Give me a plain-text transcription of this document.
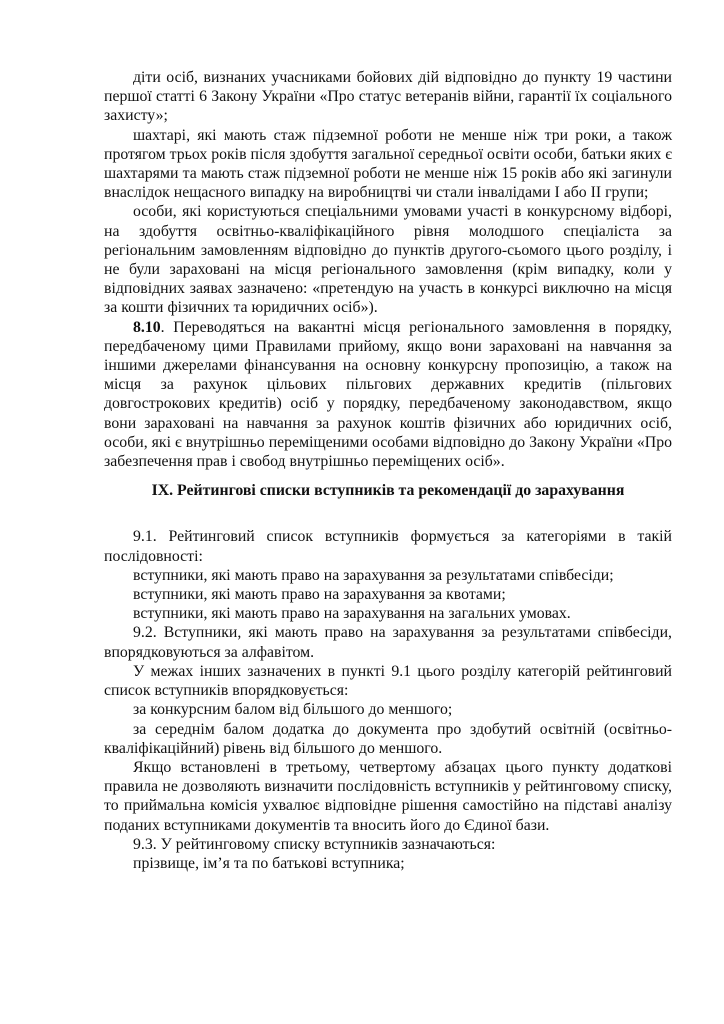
діти осіб, визнаних учасниками бойових дій відповідно до пункту 19 частини першої статті 6 Закону України «Про статус ветеранів війни, гарантії їх соціального захисту»;

шахтарі, які мають стаж підземної роботи не менше ніж три роки, а також протягом трьох років після здобуття загальної середньої освіти особи, батьки яких є шахтарями та мають стаж підземної роботи не менше ніж 15 років або які загинули внаслідок нещасного випадку на виробництві чи стали інвалідами I або II групи;

особи, які користуються спеціальними умовами участі в конкурсному відборі, на здобуття освітньо-кваліфікаційного рівня молодшого спеціаліста за регіональним замовленням відповідно до пунктів другого-сьомого цього розділу, і не були зараховані на місця регіонального замовлення (крім випадку, коли у відповідних заявах зазначено: «претендую на участь в конкурсі виключно на місця за кошти фізичних та юридичних осіб»).

8.10. Переводяться на вакантні місця регіонального замовлення в порядку, передбаченому цими Правилами прийому, якщо вони зараховані на навчання за іншими джерелами фінансування на основну конкурсну пропозицію, а також на місця за рахунок цільових пільгових державних кредитів (пільгових довгострокових кредитів) осіб у порядку, передбаченому законодавством, якщо вони зараховані на навчання за рахунок коштів фізичних або юридичних осіб, особи, які є внутрішньо переміщеними особами відповідно до Закону України «Про забезпечення прав і свобод внутрішньо переміщених осіб».

IX. Рейтингові списки вступників та рекомендації до зарахування

9.1. Рейтинговий список вступників формується за категоріями в такій послідовності:

вступники, які мають право на зарахування за результатами співбесіди;

вступники, які мають право на зарахування за квотами;

вступники, які мають право на зарахування на загальних умовах.

9.2. Вступники, які мають право на зарахування за результатами співбесіди, впорядковуються за алфавітом.

У межах інших зазначених в пункті 9.1 цього розділу категорій рейтинговий список вступників впорядковується:

за конкурсним балом від більшого до меншого;

за середнім балом додатка до документа про здобутий освітній (освітньо-кваліфікаційний) рівень від більшого до меншого.

Якщо встановлені в третьому, четвертому абзацах цього пункту додаткові правила не дозволяють визначити послідовність вступників у рейтинговому списку, то приймальна комісія ухвалює відповідне рішення самостійно на підставі аналізу поданих вступниками документів та вносить його до Єдиної бази.

9.3. У рейтинговому списку вступників зазначаються:

прізвище, ім’я та по батькові вступника;
